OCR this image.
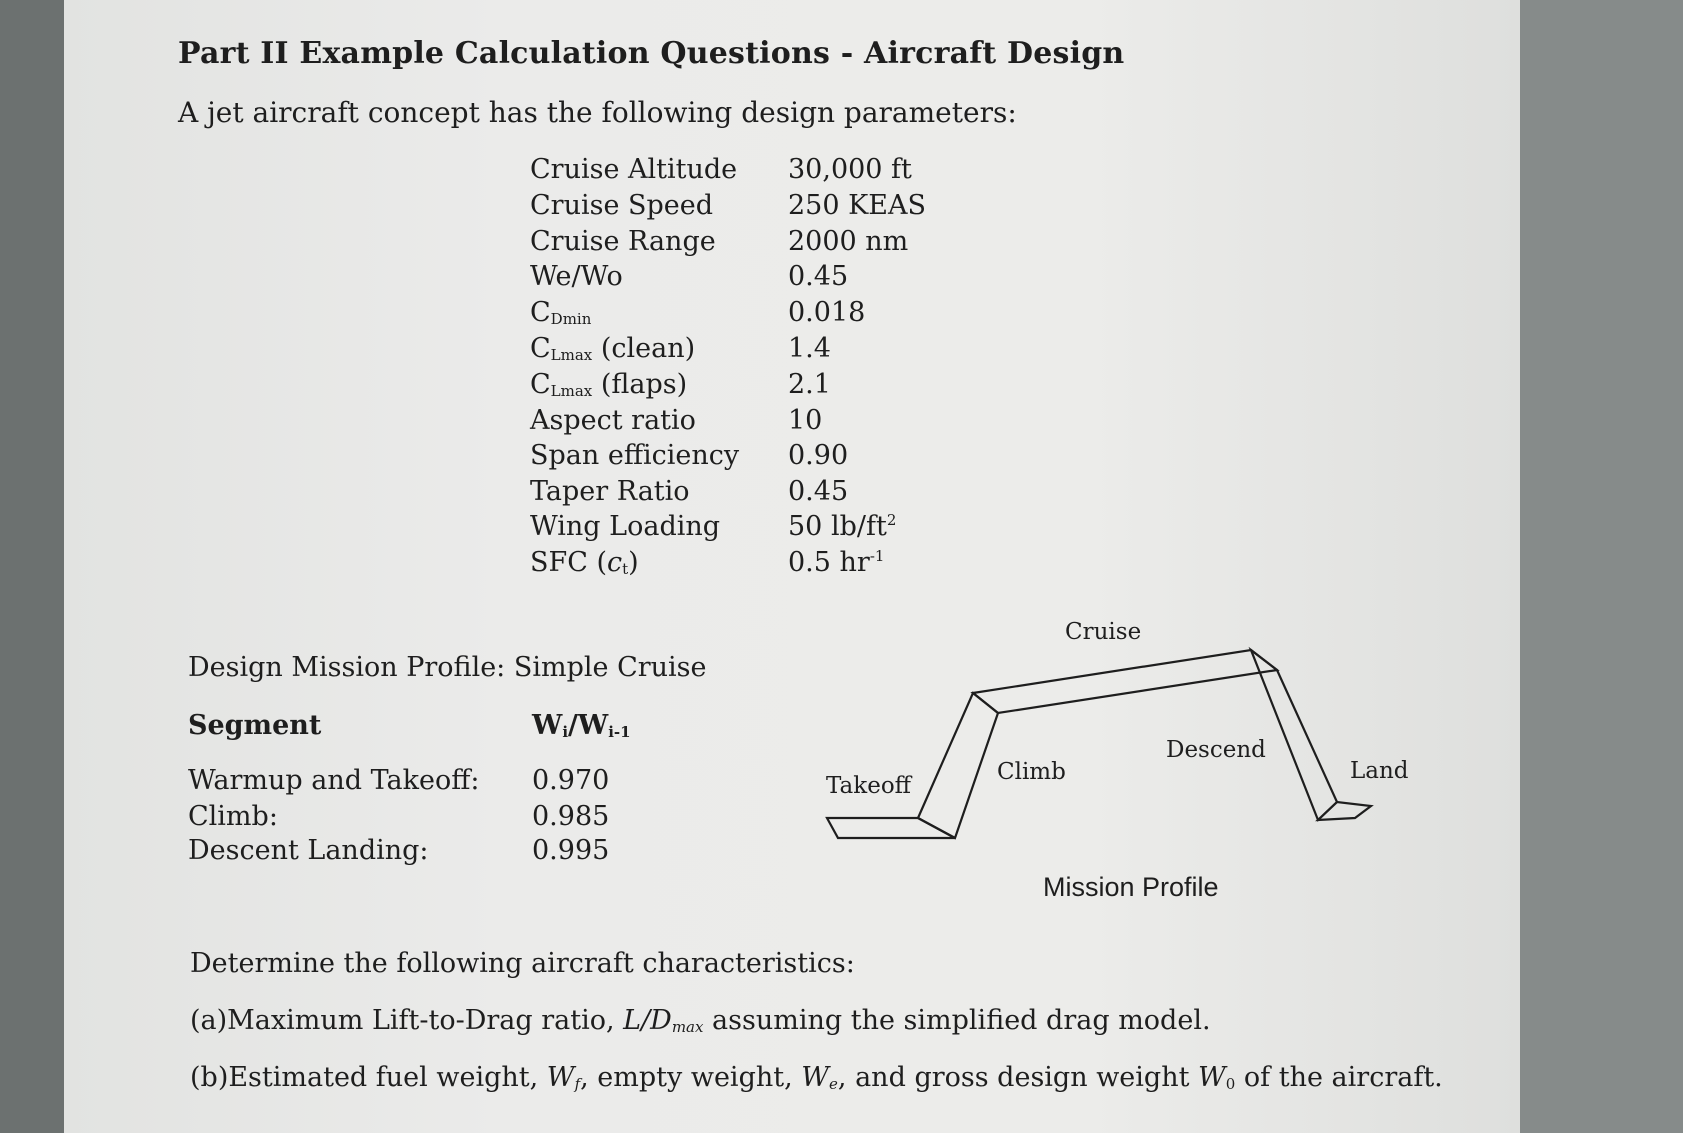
Part II Example Calculation Questions - Aircraft Design
A jet aircraft concept has the following design parameters:
Cruise Altitude 30,000 ft
Cruise Speed	250 KEAS
Cruise Range	2000 nm
We/Wo	0.45
$C_{Dmin}$	0.018
$C_{Lmax}$ (clean)	1.4
$C_{Lmax}$ (flaps)	2.1
Aspect ratio	10
Span efficiency 0.90
Taper Ratio	0.45
Wing Loading	50 $lb/ft^2$
SFC $(c_t)$	0.5 $hr^{-1}$
Design Mission Profile: Simple Cruise
Segment	$W_i/W_{i-1}$
Warmup and Takeoff: 0.970
Climb:	0.985
Descent Landing:	0.995
Cruise
Takeoff
Climb
Descend
Land
Mission Profile
Determine the following aircraft characteristics:
(a)Maximum Lift-to-Drag ratio, $L/D_{max}$ assuming the simplified drag model.
(b)Estimated fuel weight, $W_f$, empty weight, $W_e$, and gross design weight $W_0$ of the aircraft.
